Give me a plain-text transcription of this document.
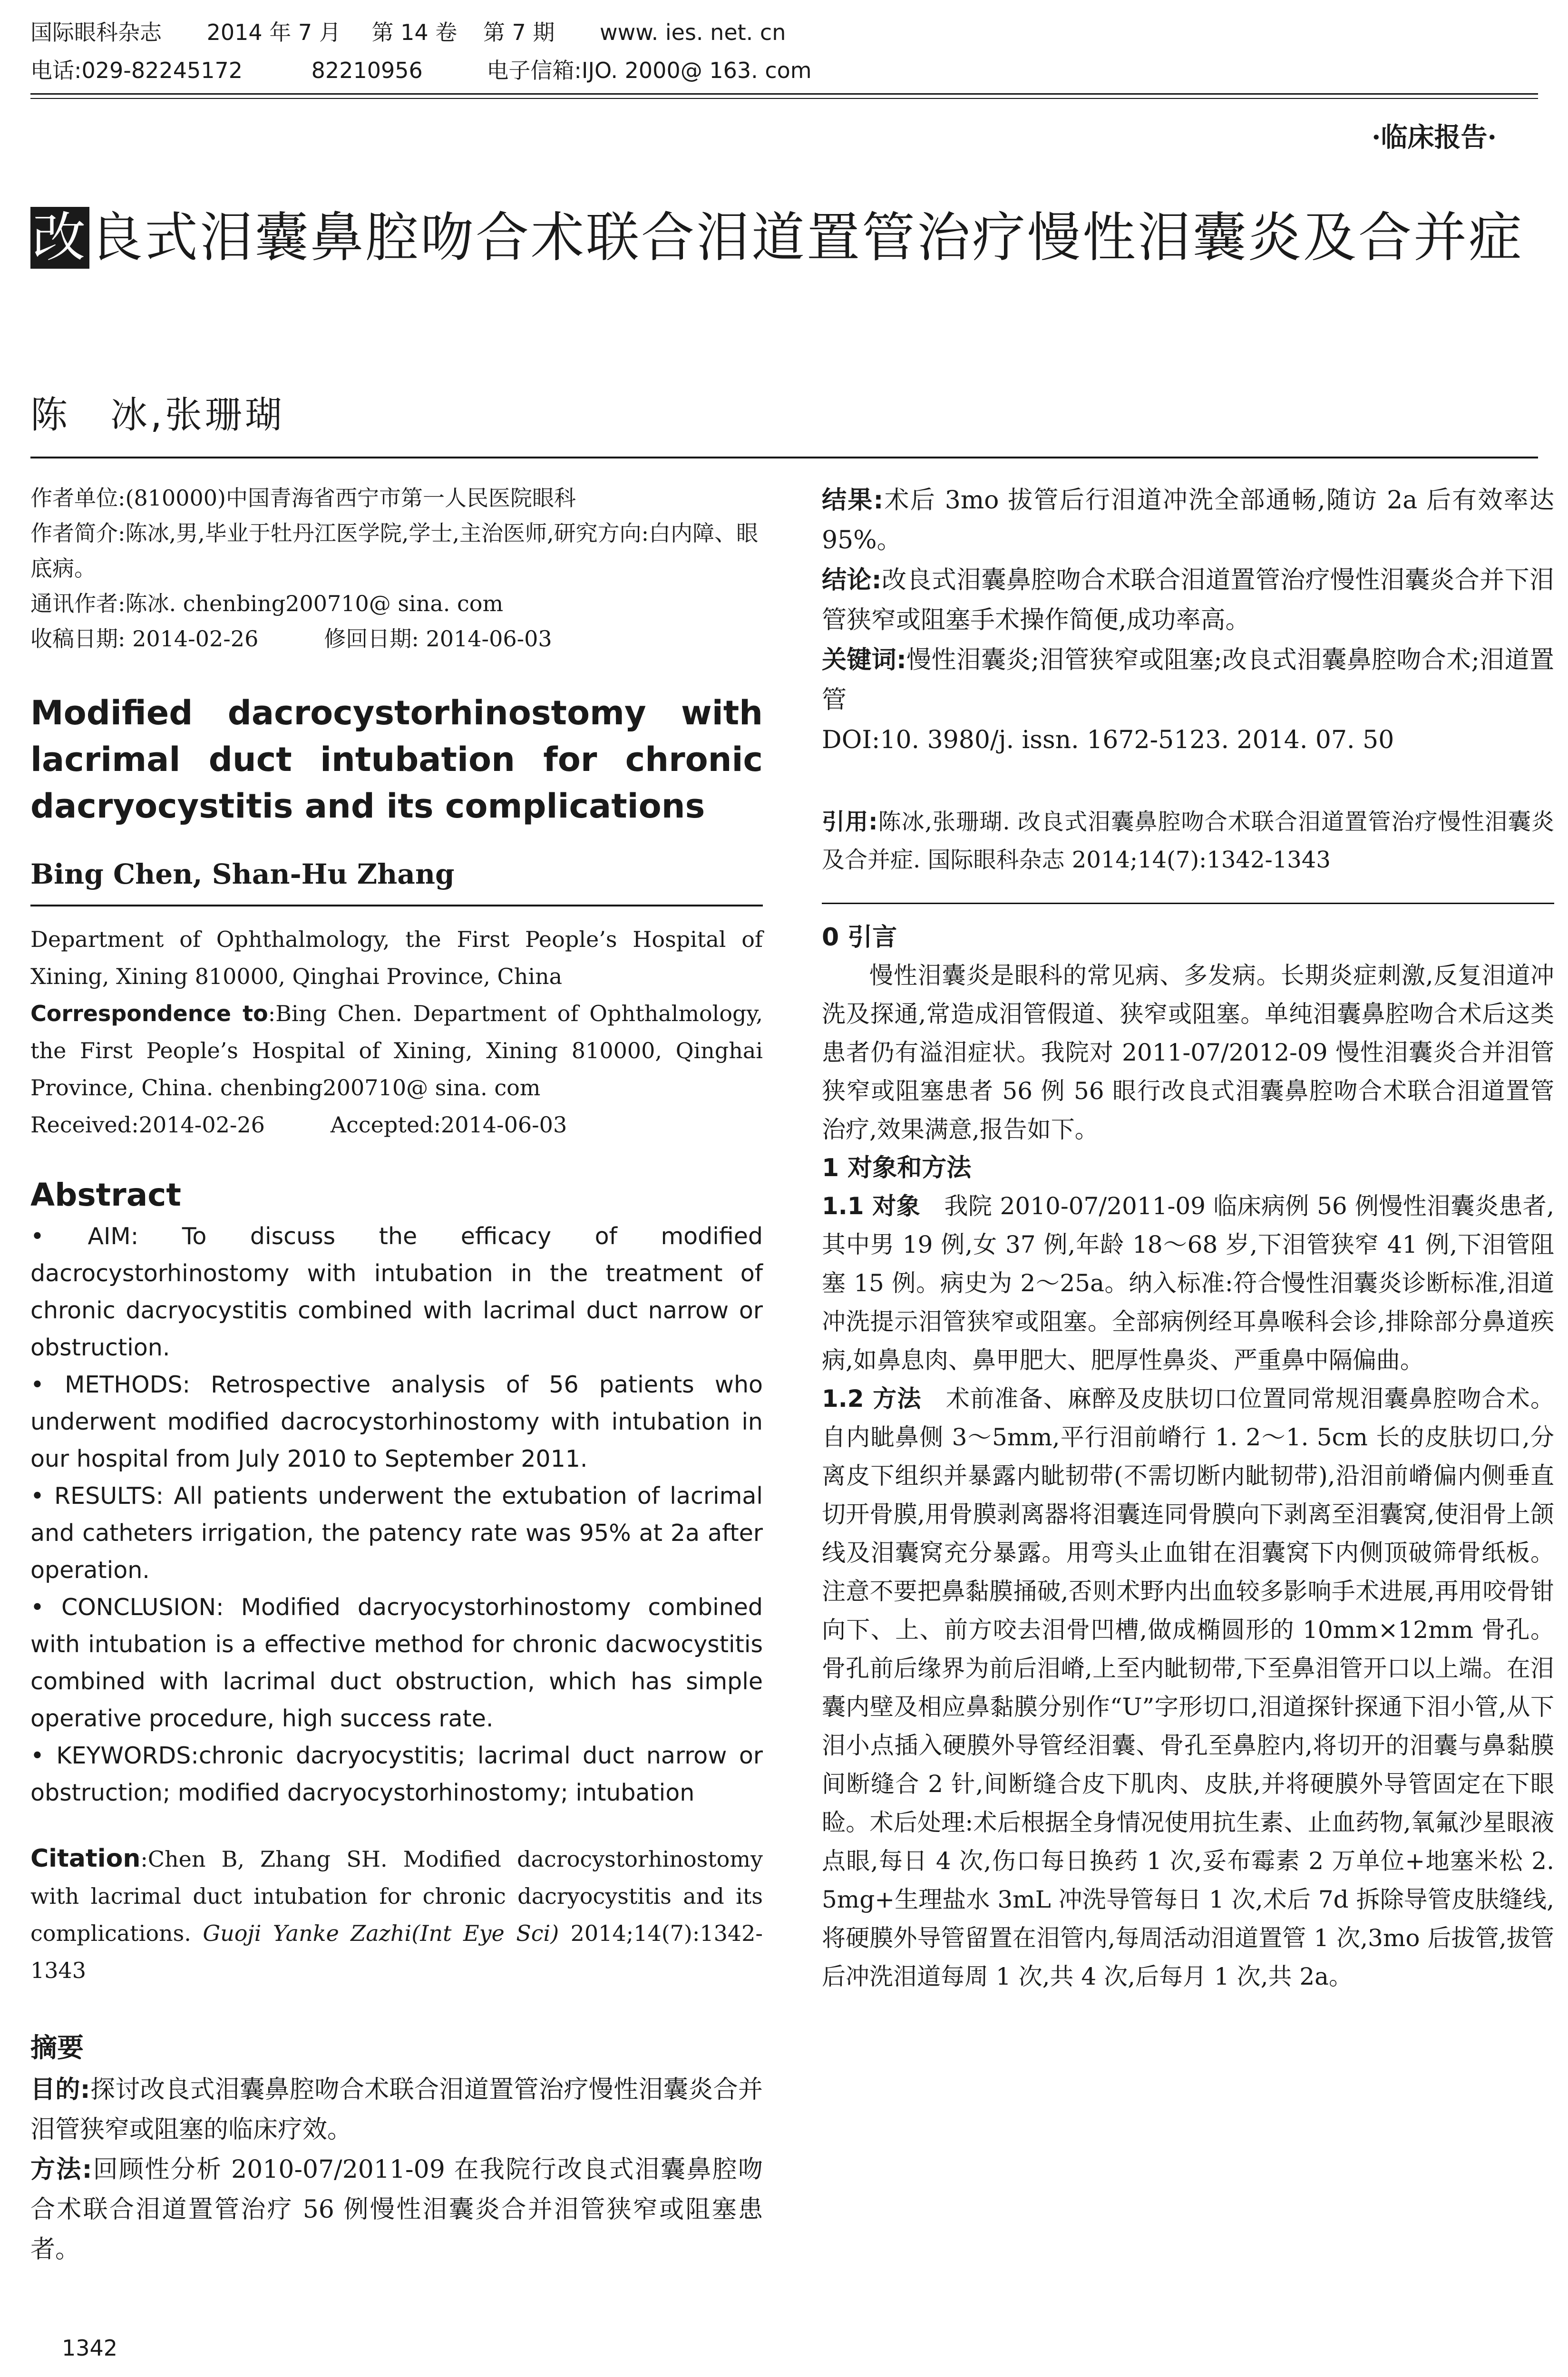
国际眼科杂志 2014 年 7 月 第 14 卷 第 7 期 www. ies. net. cn
电话:029-82245172	82210956	电子信箱:IJO. 2000@ 163. com
·临床报告·
改良式泪囊鼻腔吻合术联合泪道置管治疗慢性泪囊炎及合并症
陈　冰,张珊瑚

作者单位:(810000)中国青海省西宁市第一人民医院眼科

作者简介:陈冰,男,毕业于牡丹江医学院,学士,主治医师,研究方向:白内障、眼底病。

通讯作者:陈冰. chenbing200710@ sina. com

收稿日期: 2014-02-26　　　修回日期: 2014-06-03

Modified dacrocystorhinostomy with lacrimal duct intubation for chronic dacryocystitis and its complications

Bing Chen, Shan-Hu Zhang

Department of Ophthalmology, the First People’s Hospital of Xining, Xining 810000, Qinghai Province, China

Correspondence to:Bing Chen. Department of Ophthalmology, the First People’s Hospital of Xining, Xining 810000, Qinghai Province, China. chenbing200710@ sina. com

Received:2014-02-26　　　Accepted:2014-06-03

Abstract

• AIM: To discuss the efficacy of modified dacrocystorhinostomy with intubation in the treatment of chronic dacryocystitis combined with lacrimal duct narrow or obstruction.

• METHODS: Retrospective analysis of 56 patients who underwent modified dacrocystorhinostomy with intubation in our hospital from July 2010 to September 2011.

• RESULTS: All patients underwent the extubation of lacrimal and catheters irrigation, the patency rate was 95% at 2a after operation.

• CONCLUSION: Modified dacryocystorhinostomy combined with intubation is a effective method for chronic dacwocystitis combined with lacrimal duct obstruction, which has simple operative procedure, high success rate.

• KEYWORDS:chronic dacryocystitis; lacrimal duct narrow or obstruction; modified dacryocystorhinostomy; intubation

Citation:Chen B, Zhang SH. Modified dacrocystorhinostomy with lacrimal duct intubation for chronic dacryocystitis and its complications. Guoji Yanke Zazhi(Int Eye Sci) 2014;14(7):1342-1343

摘要

目的:探讨改良式泪囊鼻腔吻合术联合泪道置管治疗慢性泪囊炎合并泪管狭窄或阻塞的临床疗效。

方法:回顾性分析 2010-07/2011-09 在我院行改良式泪囊鼻腔吻合术联合泪道置管治疗 56 例慢性泪囊炎合并泪管狭窄或阻塞患者。

结果:术后 3mo 拔管后行泪道冲洗全部通畅,随访 2a 后有效率达 95%。

结论:改良式泪囊鼻腔吻合术联合泪道置管治疗慢性泪囊炎合并下泪管狭窄或阻塞手术操作简便,成功率高。

关键词:慢性泪囊炎;泪管狭窄或阻塞;改良式泪囊鼻腔吻合术;泪道置管

DOI:10. 3980/j. issn. 1672-5123. 2014. 07. 50

引用:陈冰,张珊瑚. 改良式泪囊鼻腔吻合术联合泪道置管治疗慢性泪囊炎及合并症. 国际眼科杂志 2014;14(7):1342-1343

0 引言

慢性泪囊炎是眼科的常见病、多发病。长期炎症刺激,反复泪道冲洗及探通,常造成泪管假道、狭窄或阻塞。单纯泪囊鼻腔吻合术后这类患者仍有溢泪症状。我院对 2011-07/2012-09 慢性泪囊炎合并泪管狭窄或阻塞患者 56 例 56 眼行改良式泪囊鼻腔吻合术联合泪道置管治疗,效果满意,报告如下。

1 对象和方法

1.1 对象　我院 2010-07/2011-09 临床病例 56 例慢性泪囊炎患者,其中男 19 例,女 37 例,年龄 18～68 岁,下泪管狭窄 41 例,下泪管阻塞 15 例。病史为 2～25a。纳入标准:符合慢性泪囊炎诊断标准,泪道冲洗提示泪管狭窄或阻塞。全部病例经耳鼻喉科会诊,排除部分鼻道疾病,如鼻息肉、鼻甲肥大、肥厚性鼻炎、严重鼻中隔偏曲。

1.2 方法　术前准备、麻醉及皮肤切口位置同常规泪囊鼻腔吻合术。自内眦鼻侧 3～5mm,平行泪前嵴行 1. 2～1. 5cm 长的皮肤切口,分离皮下组织并暴露内眦韧带(不需切断内眦韧带),沿泪前嵴偏内侧垂直切开骨膜,用骨膜剥离器将泪囊连同骨膜向下剥离至泪囊窝,使泪骨上颌线及泪囊窝充分暴露。用弯头止血钳在泪囊窝下内侧顶破筛骨纸板。注意不要把鼻黏膜捅破,否则术野内出血较多影响手术进展,再用咬骨钳向下、上、前方咬去泪骨凹槽,做成椭圆形的 10mm×12mm 骨孔。骨孔前后缘界为前后泪嵴,上至内眦韧带,下至鼻泪管开口以上端。在泪囊内壁及相应鼻黏膜分别作“U”字形切口,泪道探针探通下泪小管,从下泪小点插入硬膜外导管经泪囊、骨孔至鼻腔内,将切开的泪囊与鼻黏膜间断缝合 2 针,间断缝合皮下肌肉、皮肤,并将硬膜外导管固定在下眼睑。术后处理:术后根据全身情况使用抗生素、止血药物,氧氟沙星眼液点眼,每日 4 次,伤口每日换药 1 次,妥布霉素 2 万单位+地塞米松 2. 5mg+生理盐水 3mL 冲洗导管每日 1 次,术后 7d 拆除导管皮肤缝线,将硬膜外导管留置在泪管内,每周活动泪道置管 1 次,3mo 后拔管,拔管后冲洗泪道每周 1 次,共 4 次,后每月 1 次,共 2a。

1342
